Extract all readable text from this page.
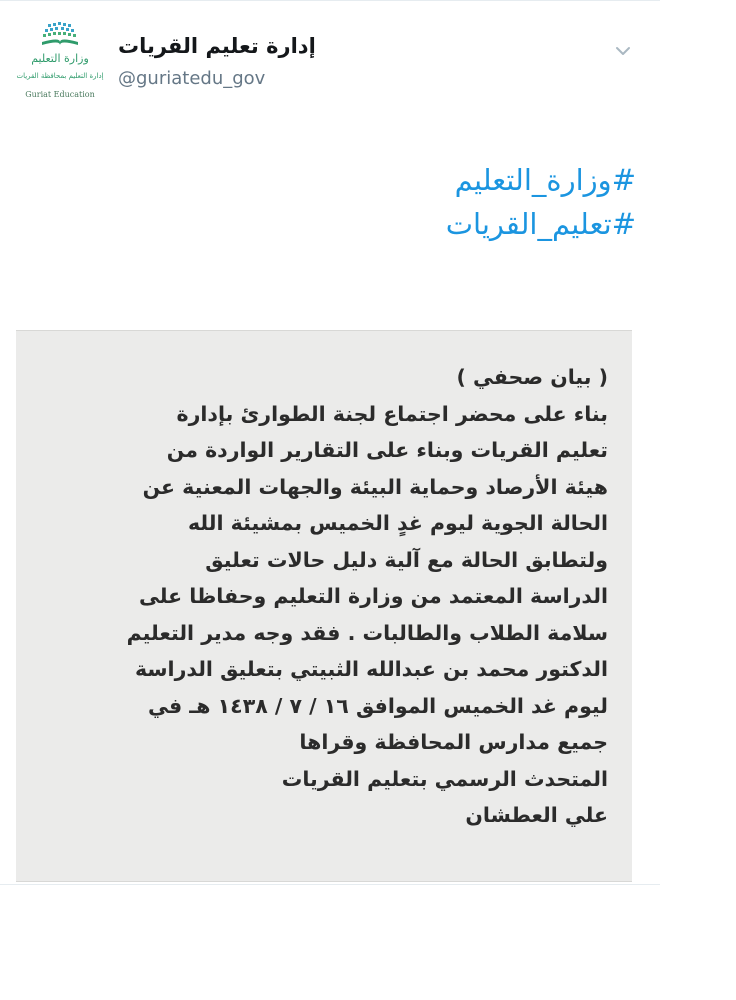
وزارة التعليم
إدارة التعليم بمحافظة القريات
Guriat Education
إدارة تعليم القريات
@guriatedu_gov
#وزارة_التعليم
#تعليم_القريات
( بيان صحفي )
بناء على محضر اجتماع لجنة الطوارئ بإدارة
تعليم القريات وبناء على التقارير الواردة من
هيئة الأرصاد وحماية البيئة والجهات المعنية عن
الحالة الجوية ليوم غدٍ الخميس بمشيئة الله
ولتطابق الحالة مع آلية دليل حالات تعليق
الدراسة المعتمد من وزارة التعليم وحفاظا على
سلامة الطلاب والطالبات . فقد وجه مدير التعليم
الدكتور محمد بن عبدالله الثبيتي بتعليق الدراسة
ليوم غد الخميس الموافق ١٦ / ٧ / ١٤٣٨ هـ في
جميع مدارس المحافظة وقراها
المتحدث الرسمي بتعليم القريات
علي العطشان
